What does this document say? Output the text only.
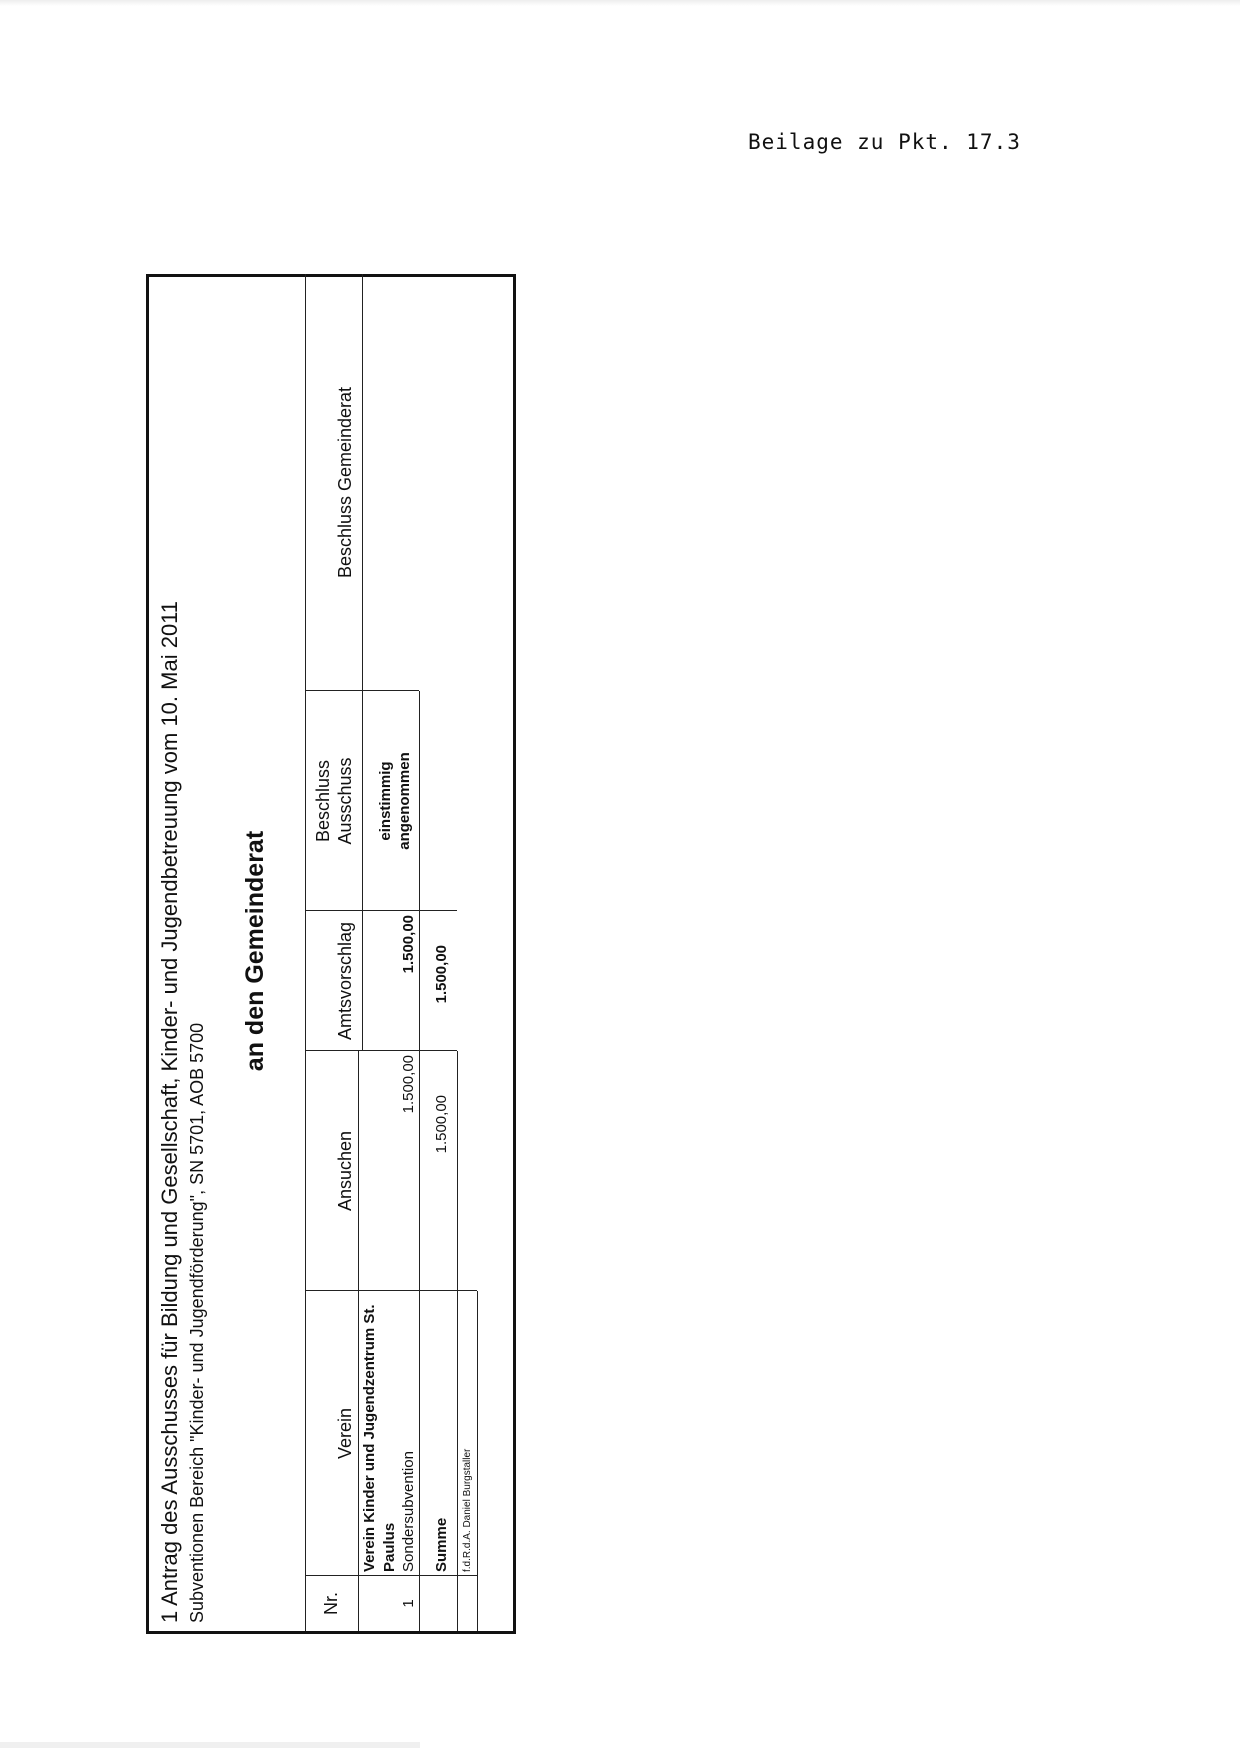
Beilage zu Pkt. 17.3
1 Antrag des Ausschusses für Bildung und Gesellschaft, Kinder- und Jugendbetreuung vom 10. Mai 2011 Subventionen Bereich "Kinder- und Jugendförderung", SN 5701, AOB 5700
an den Gemeinderat
Nr.
Verein
Ansuchen
Amtsvorschlag
Beschluss Ausschuss
Beschluss Gemeinderat
1
Verein Kinder und Jugendzentrum St. Paulus Sondersubvention
1.500,00
1.500,00
einstimmig angenommen
Summe
1.500,00
1.500,00
f.d.R.d.A. Daniel Burgstaller
